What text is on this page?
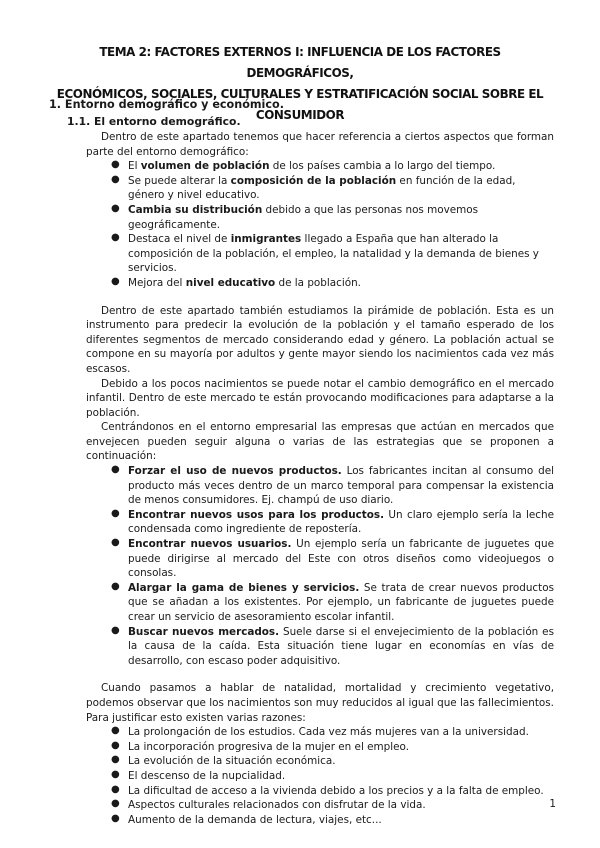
TEMA 2: FACTORES EXTERNOS I: INFLUENCIA DE LOS FACTORES DEMOGRÁFICOS,
ECONÓMICOS, SOCIALES, CULTURALES Y ESTRATIFICACIÓN SOCIAL SOBRE EL CONSUMIDOR
1. Entorno demográfico y económico.
1.1. El entorno demográfico.

Dentro de este apartado tenemos que hacer referencia a ciertos aspectos que forman parte del entorno demográfico:

● El volumen de población de los países cambia a lo largo del tiempo.
● Se puede alterar la composición de la población en función de la edad, género y nivel educativo.
● Cambia su distribución debido a que las personas nos movemos geográficamente.
● Destaca el nivel de inmigrantes llegado a España que han alterado la composición de la población, el empleo, la natalidad y la demanda de bienes y servicios.
● Mejora del nivel educativo de la población.

Dentro de este apartado también estudiamos la pirámide de población. Esta es un instrumento para predecir la evolución de la población y el tamaño esperado de los diferentes segmentos de mercado considerando edad y género. La población actual se compone en su mayoría por adultos y gente mayor siendo los nacimientos cada vez más escasos.

Debido a los pocos nacimientos se puede notar el cambio demográfico en el mercado infantil. Dentro de este mercado te están provocando modificaciones para adaptarse a la población.

Centrándonos en el entorno empresarial las empresas que actúan en mercados que envejecen pueden seguir alguna o varias de las estrategias que se proponen a continuación:

● Forzar el uso de nuevos productos. Los fabricantes incitan al consumo del producto más veces dentro de un marco temporal para compensar la existencia de menos consumidores. Ej. champú de uso diario.
● Encontrar nuevos usos para los productos. Un claro ejemplo sería la leche condensada como ingrediente de repostería.
● Encontrar nuevos usuarios. Un ejemplo sería un fabricante de juguetes que puede dirigirse al mercado del Este con otros diseños como videojuegos o consolas.
● Alargar la gama de bienes y servicios. Se trata de crear nuevos productos que se añadan a los existentes. Por ejemplo, un fabricante de juguetes puede crear un servicio de asesoramiento escolar infantil.
● Buscar nuevos mercados. Suele darse si el envejecimiento de la población es la causa de la caída. Esta situación tiene lugar en economías en vías de desarrollo, con escaso poder adquisitivo.

Cuando pasamos a hablar de natalidad, mortalidad y crecimiento vegetativo, podemos observar que los nacimientos son muy reducidos al igual que las fallecimientos. Para justificar esto existen varias razones:

● La prolongación de los estudios. Cada vez más mujeres van a la universidad.
● La incorporación progresiva de la mujer en el empleo.
● La evolución de la situación económica.
● El descenso de la nupcialidad.
● La dificultad de acceso a la vivienda debido a los precios y a la falta de empleo.
● Aspectos culturales relacionados con disfrutar de la vida.
● Aumento de la demanda de lectura, viajes, etc...
1
